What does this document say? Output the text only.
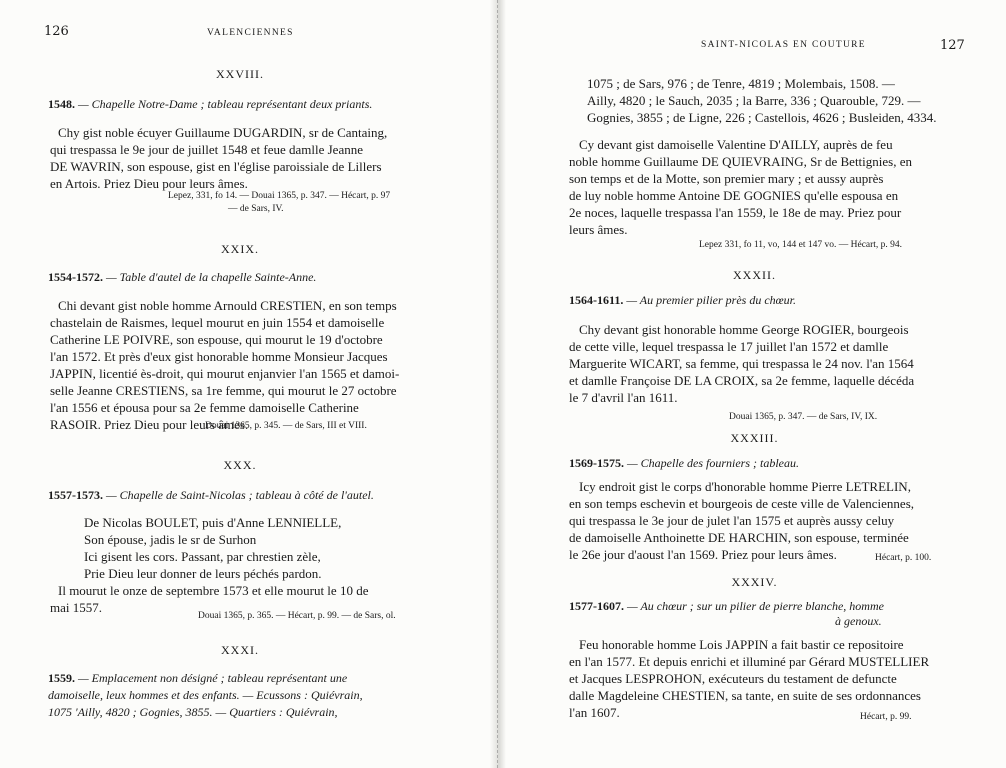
126	VALENCIENNES
XXVIII.
1548. — Chapelle Notre-Dame ; tableau représentant deux priants.

Chy gist noble écuyer Guillaume DUGARDIN, sr de Cantaing,

qui trespassa le 9e jour de juillet 1548 et feue damlle Jeanne

DE WAVRIN, son espouse, gist en l'église paroissiale de Lillers

en Artois. Priez Dieu pour leurs âmes.

Lepez, 331, fo 14. — Douai 1365, p. 347. — Hécart, p. 97
— de Sars, IV.
XXIX.
1554-1572. — Table d'autel de la chapelle Sainte-Anne.

Chi devant gist noble homme Arnould CRESTIEN, en son temps

chastelain de Raismes, lequel mourut en juin 1554 et damoiselle

Catherine LE POIVRE, son espouse, qui mourut le 19 d'octobre

l'an 1572. Et près d'eux gist honorable homme Monsieur Jacques

JAPPIN, licentié ès-droit, qui mourut enjanvier l'an 1565 et damoi-

selle Jeanne CRESTIENS, sa 1re femme, qui mourut le 27 octobre

l'an 1556 et épousa pour sa 2e femme damoiselle Catherine

RASOIR. Priez Dieu pour leurs âmes.

Douai 1365, p. 345. — de Sars, III et VIII.
XXX.
1557-1573. — Chapelle de Saint-Nicolas ; tableau à côté de l'autel.

De Nicolas BOULET, puis d'Anne LENNIELLE,

Son épouse, jadis le sr de Surhon

Ici gisent les cors. Passant, par chrestien zèle,

Prie Dieu leur donner de leurs péchés pardon.

Il mourut le onze de septembre 1573 et elle mourut le 10 de

mai 1557.

Douai 1365, p. 365. — Hécart, p. 99. — de Sars, ol.
XXXI.
1559. — Emplacement non désigné ; tableau représentant une
damoiselle, leux hommes et des enfants. — Ecussons : Quiévrain,
1075 'Ailly, 4820 ; Gognies, 3855. — Quartiers : Quiévrain,
SAINT-NICOLAS EN COUTURE	127

1075 ; de Sars, 976 ; de Tenre, 4819 ; Molembais, 1508. —

Ailly, 4820 ; le Sauch, 2035 ; la Barre, 336 ; Quarouble, 729. —

Gognies, 3855 ; de Ligne, 226 ; Castellois, 4626 ; Busleiden, 4334.

Cy devant gist damoiselle Valentine D'AILLY, auprès de feu

noble homme Guillaume DE QUIEVRAING, Sr de Bettignies, en

son temps et de la Motte, son premier mary ; et aussy auprès

de luy noble homme Antoine DE GOGNIES qu'elle espousa en

2e noces, laquelle trespassa l'an 1559, le 18e de may. Priez pour

leurs âmes.

Lepez 331, fo 11, vo, 144 et 147 vo. — Hécart, p. 94.
XXXII.
1564-1611. — Au premier pilier près du chœur.

Chy devant gist honorable homme George ROGIER, bourgeois

de cette ville, lequel trespassa le 17 juillet l'an 1572 et damlle

Marguerite WICART, sa femme, qui trespassa le 24 nov. l'an 1564

et damlle Françoise DE LA CROIX, sa 2e femme, laquelle décéda

le 7 d'avril l'an 1611.

Douai 1365, p. 347. — de Sars, IV, IX.
XXXIII.
1569-1575. — Chapelle des fourniers ; tableau.

Icy endroit gist le corps d'honorable homme Pierre LETRELIN,

en son temps eschevin et bourgeois de ceste ville de Valenciennes,

qui trespassa le 3e jour de julet l'an 1575 et auprès aussy celuy

de damoiselle Anthoinette DE HARCHIN, son espouse, terminée

le 26e jour d'aoust l'an 1569. Priez pour leurs âmes.	Hécart, p. 100.
XXXIV.
1577-1607. — Au chœur ; sur un pilier de pierre blanche, homme
à genoux.

Feu honorable homme Lois JAPPIN a fait bastir ce repositoire

en l'an 1577. Et depuis enrichi et illuminé par Gérard MUSTELLIER

et Jacques LESPROHON, exécuteurs du testament de defuncte

dalle Magdeleine CHESTIEN, sa tante, en suite de ses ordonnances

l'an 1607.	Hécart, p. 99.
